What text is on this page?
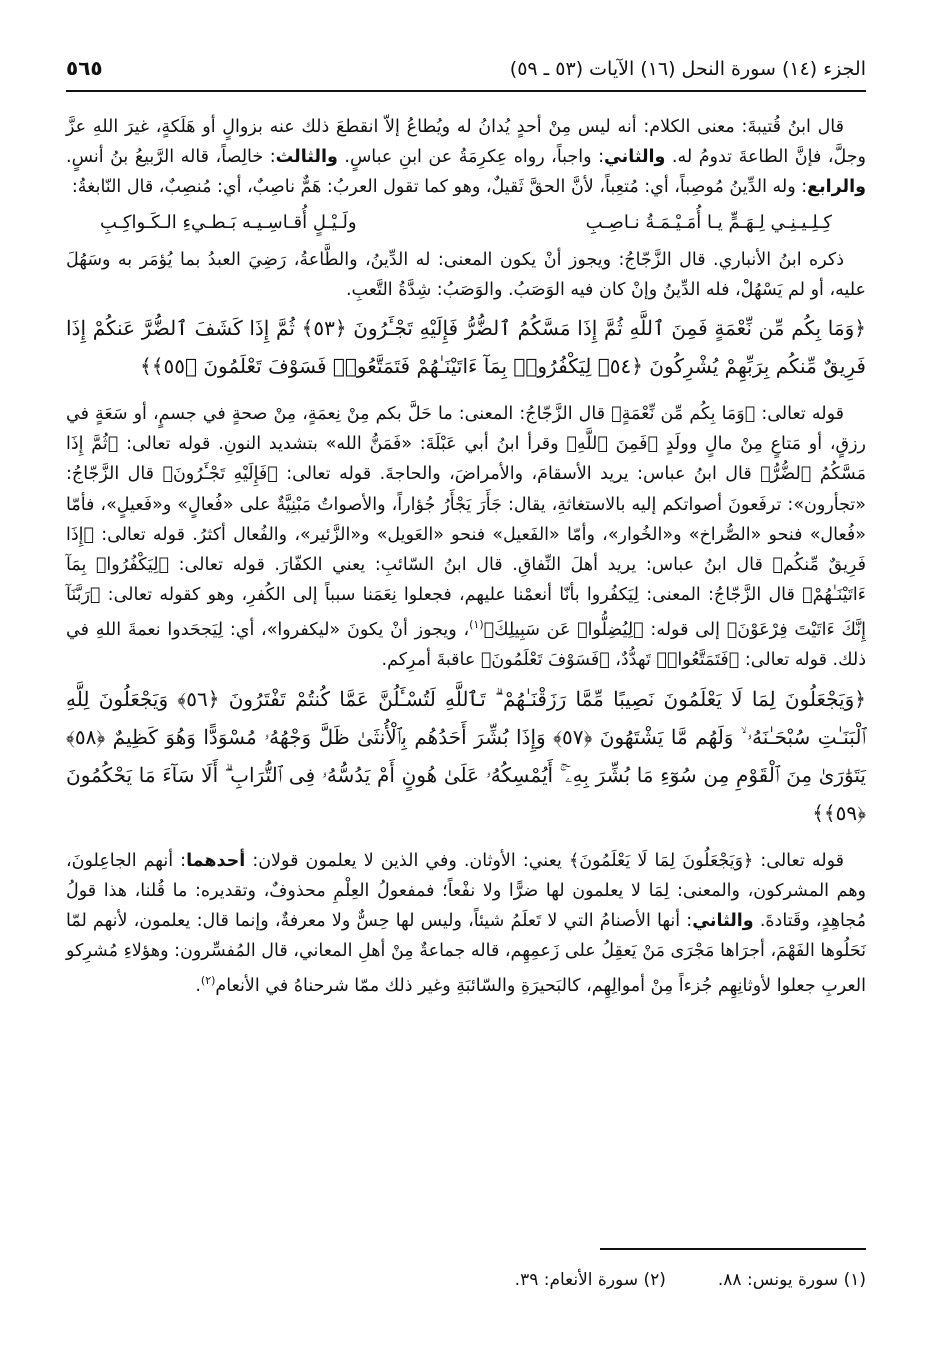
الجزء (١٤) سورة النحل (١٦) الآيات (٥٣ ـ ٥٩)
٥٦٥

قال ابنُ قُتيبةَ: معنى الكلام: أنه ليس مِنْ أحدٍ يُدانُ له ويُطاعُ إلاّ انقطعَ ذلك عنه بزوالٍ أو هَلَكةٍ، غيرَ اللهِ عزَّ وجلَّ، فإنَّ الطاعةَ تدومُ له. والثاني: واجباً، رواه عِكرِمَةُ عن ابنِ عباسٍ. والثالث: خالِصاً، قاله الرَّبيعُ بنُ أنسٍ. والرابع: وله الدِّينُ مُوصِباً، أي: مُتعِباً، لأنَّ الحقَّ ثَقيلٌ، وهو كما تقول العربُ: هَمٌّ ناصِبٌ، أي: مُنصِبٌ، قال النّابغةُ:

كِـلِـيـنِـي لِـهَـمٍّ يـا أُمَـيْـمَـةُ نـاصِـبِ
ولَـيْـلٍ أُقـاسِـيـه بَـطـيءِ الـكَـواكِـبِ

ذكره ابنُ الأنباري. قال الزَّجّاجُ: ويجوز أنْ يكون المعنى: له الدِّينُ، والطَّاعةُ، رَضِيَ العبدُ بما يُؤمَر به وسَهُلَ عليه، أو لم يَسْهُلْ، فله الدِّينُ وإنْ كان فيه الوَصَبُ. والوَصَبُ: شِدَّةُ التَّعبِ.

﴿وَمَا بِكُم مِّن نِّعْمَةٍ فَمِنَ ٱللَّهِ ثُمَّ إِذَا مَسَّكُمُ ٱلضُّرُّ فَإِلَيْهِ تَجْـَٔرُونَ ﴿٥٣﴾ ثُمَّ إِذَا كَشَفَ ٱلضُّرَّ عَنكُمْ إِذَا فَرِيقٌ مِّنكُم بِرَبِّهِمْ يُشْرِكُونَ ﴿٥٤﴾ لِيَكْفُرُوا۟ بِمَآ ءَاتَيْنَـٰهُمْ فَتَمَتَّعُوا۟ فَسَوْفَ تَعْلَمُونَ ﴿٥٥﴾﴾

قوله تعالى: ﴿وَمَا بِكُم مِّن نِّعْمَةٍ﴾ قال الزَّجّاجُ: المعنى: ما حَلَّ بكم مِنْ نِعمَةٍ، مِنْ صحةٍ في جسمٍ، أو سَعَةٍ في رزقٍ، أو مَتاعٍ مِنْ مالٍ وولَدٍ ﴿فَمِنَ ٱللَّهِ﴾ وقرأ ابنُ أبي عَبْلَةَ: «فَمَنُّ الله» بتشديد النونِ. قوله تعالى: ﴿ثُمَّ إِذَا مَسَّكُمُ ٱلضُّرُّ﴾ قال ابنُ عباس: يريد الأسقامَ، والأمراضَ، والحاجةَ. قوله تعالى: ﴿فَإِلَيْهِ تَجْـَٔرُونَ﴾ قال الزَّجّاجُ: «تجأرون»: ترفَعونَ أصواتكم إليه بالاستغاثةِ، يقال: جَأَرَ يَجْأَرُ جُؤاراً، والأصواتُ مَبْنِيَّةٌ على «فُعالٍ» و«فَعيلٍ»، فأمّا «فُعال» فنحو «الصُّراخ» و«الخُوار»، وأمّا «الفَعيل» فنحو «العَويل» و«الزَّئير»، والفُعال أكثرُ. قوله تعالى: ﴿إِذَا فَرِيقٌ مِّنكُم﴾ قال ابنُ عباس: يريد أهلَ النِّفاقِ. قال ابنُ السّائبِ: يعني الكفّارَ. قوله تعالى: ﴿لِيَكْفُرُوا۟ بِمَآ ءَاتَيْنَـٰهُمْ﴾ قال الزَّجّاجُ: المعنى: لِيَكفُروا بأنّا أنعمْنا عليهم، فجعلوا نِعَمَنا سبباً إلى الكُفرِ، وهو كقوله تعالى: ﴿رَبَّنَآ إِنَّكَ ءَاتَيْتَ فِرْعَوْنَ﴾ إلى قوله: ﴿لِيُضِلُّوا۟ عَن سَبِيلِكَ﴾$^{(١)}$، ويجوز أنْ يكونَ «ليكفروا»، أي: لِيَجحَدوا نعمةَ اللهِ في ذلك. قوله تعالى: ﴿فَتَمَتَّعُوا۟﴾ تَهدُّدٌ، ﴿فَسَوْفَ تَعْلَمُونَ﴾ عاقبةَ أمرِكم.

﴿وَيَجْعَلُونَ لِمَا لَا يَعْلَمُونَ نَصِيبًا مِّمَّا رَزَقْنَـٰهُمْ ۗ تَٱللَّهِ لَتُسْـَٔلُنَّ عَمَّا كُنتُمْ تَفْتَرُونَ ﴿٥٦﴾ وَيَجْعَلُونَ لِلَّهِ ٱلْبَنَـٰتِ سُبْحَـٰنَهُۥ ۙ وَلَهُم مَّا يَشْتَهُونَ ﴿٥٧﴾ وَإِذَا بُشِّرَ أَحَدُهُم بِٱلْأُنثَىٰ ظَلَّ وَجْهُهُۥ مُسْوَدًّا وَهُوَ كَظِيمٌ ﴿٥٨﴾ يَتَوَٰرَىٰ مِنَ ٱلْقَوْمِ مِن سُوٓءِ مَا بُشِّرَ بِهِۦٓ ۚ أَيُمْسِكُهُۥ عَلَىٰ هُونٍ أَمْ يَدُسُّهُۥ فِى ٱلتُّرَابِ ۗ أَلَا سَآءَ مَا يَحْكُمُونَ ﴿٥٩﴾﴾

قوله تعالى: ﴿وَيَجْعَلُونَ لِمَا لَا يَعْلَمُونَ﴾ يعني: الأوثان. وفي الذين لا يعلمون قولان: أحدهما: أنهم الجاعِلونَ، وهم المشركون، والمعنى: لِمَا لا يعلمون لها ضرًّا ولا نفْعاً؛ فمفعولُ العِلْمِ محذوفٌ، وتقديره: ما قُلنا، هذا قولُ مُجاهِدٍ، وقَتادةَ. والثاني: أنها الأصنامُ التي لا تَعلَمُ شيئاً، وليس لها حِسٌّ ولا معرفةٌ، وإنما قال: يعلمون، لأنهم لمّا نَحَلُوها الفَهْمَ، أجرَاها مَجْرَى مَنْ يَعقِلُ على زَعمِهِم، قاله جماعةٌ مِنْ أهلِ المعاني، قال المُفسِّرون: وهؤلاءِ مُشرِكو العربِ جعلوا لأوثانِهِم جُزءاً مِنْ أموالِهِم، كالبَحيرَةِ والسّائبَةِ وغير ذلك ممّا شرحناهُ في الأنعام$^{(٢)}$.

(١) سورة يونس: ٨٨.(٢) سورة الأنعام: ٣٩.
